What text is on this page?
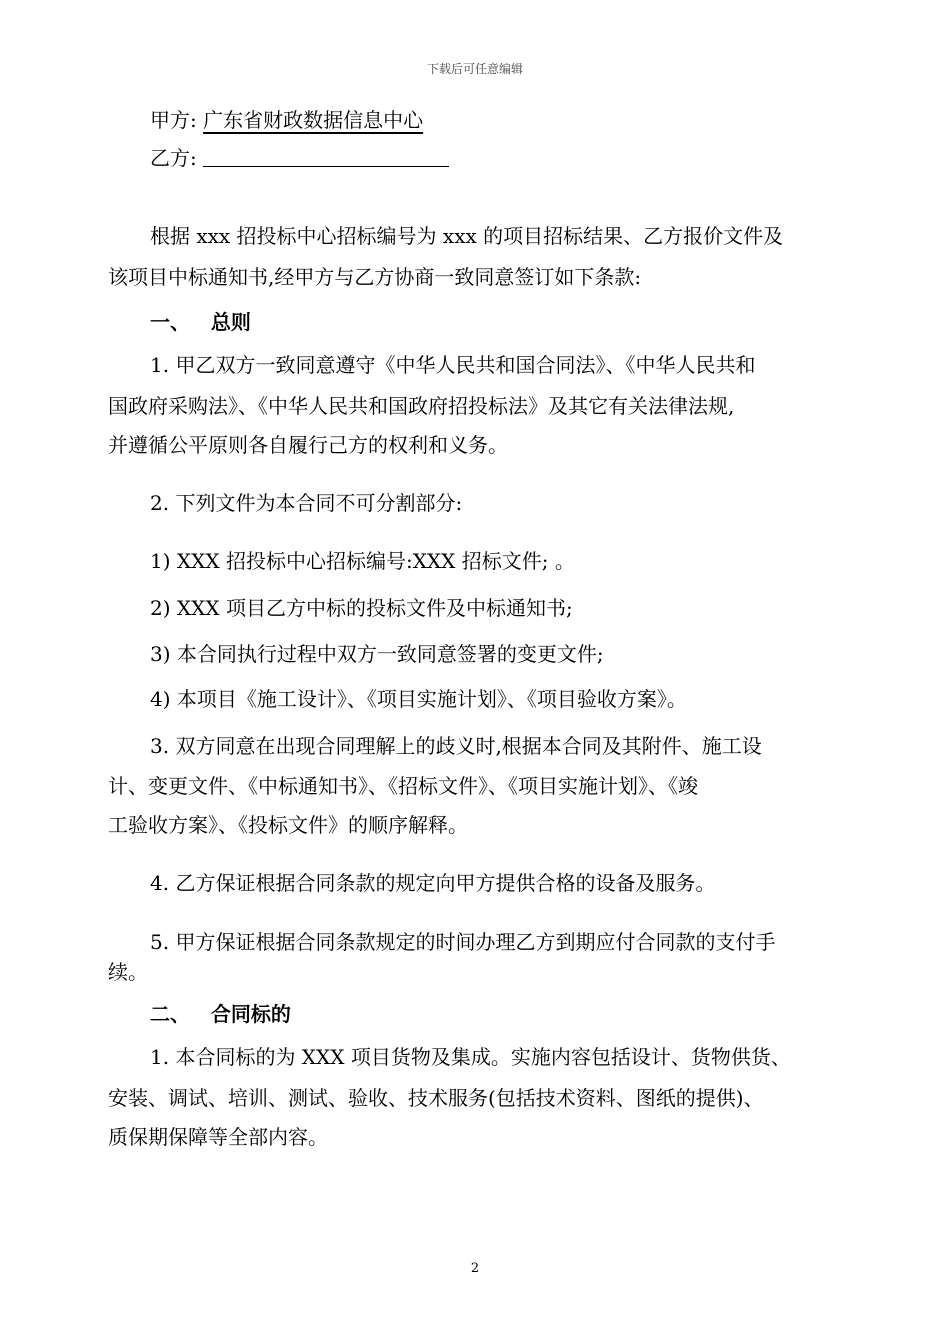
下载后可任意编辑
甲方: 广东省财政数据信息中心
乙方:
根据 xxx 招投标中心招标编号为 xxx 的项目招标结果、乙方报价文件及
该项目中标通知书,经甲方与乙方协商一致同意签订如下条款:
一、 总则
1. 甲乙双方一致同意遵守《中华人民共和国合同法》、《中华人民共和
国政府采购法》、《中华人民共和国政府招投标法》及其它有关法律法规,
并遵循公平原则各自履行己方的权利和义务。
2. 下列文件为本合同不可分割部分:
1) XXX 招投标中心招标编号:XXX 招标文件; 。
2) XXX 项目乙方中标的投标文件及中标通知书;
3) 本合同执行过程中双方一致同意签署的变更文件;
4) 本项目《施工设计》、《项目实施计划》、《项目验收方案》。
3. 双方同意在出现合同理解上的歧义时,根据本合同及其附件、施工设
计、变更文件、《中标通知书》、《招标文件》、《项目实施计划》、《竣
工验收方案》、《投标文件》的顺序解释。
4. 乙方保证根据合同条款的规定向甲方提供合格的设备及服务。
5. 甲方保证根据合同条款规定的时间办理乙方到期应付合同款的支付手
续。
二、 合同标的
1. 本合同标的为 XXX 项目货物及集成。实施内容包括设计、货物供货、
安装、调试、培训、测试、验收、技术服务(包括技术资料、图纸的提供)、
质保期保障等全部内容。
2
